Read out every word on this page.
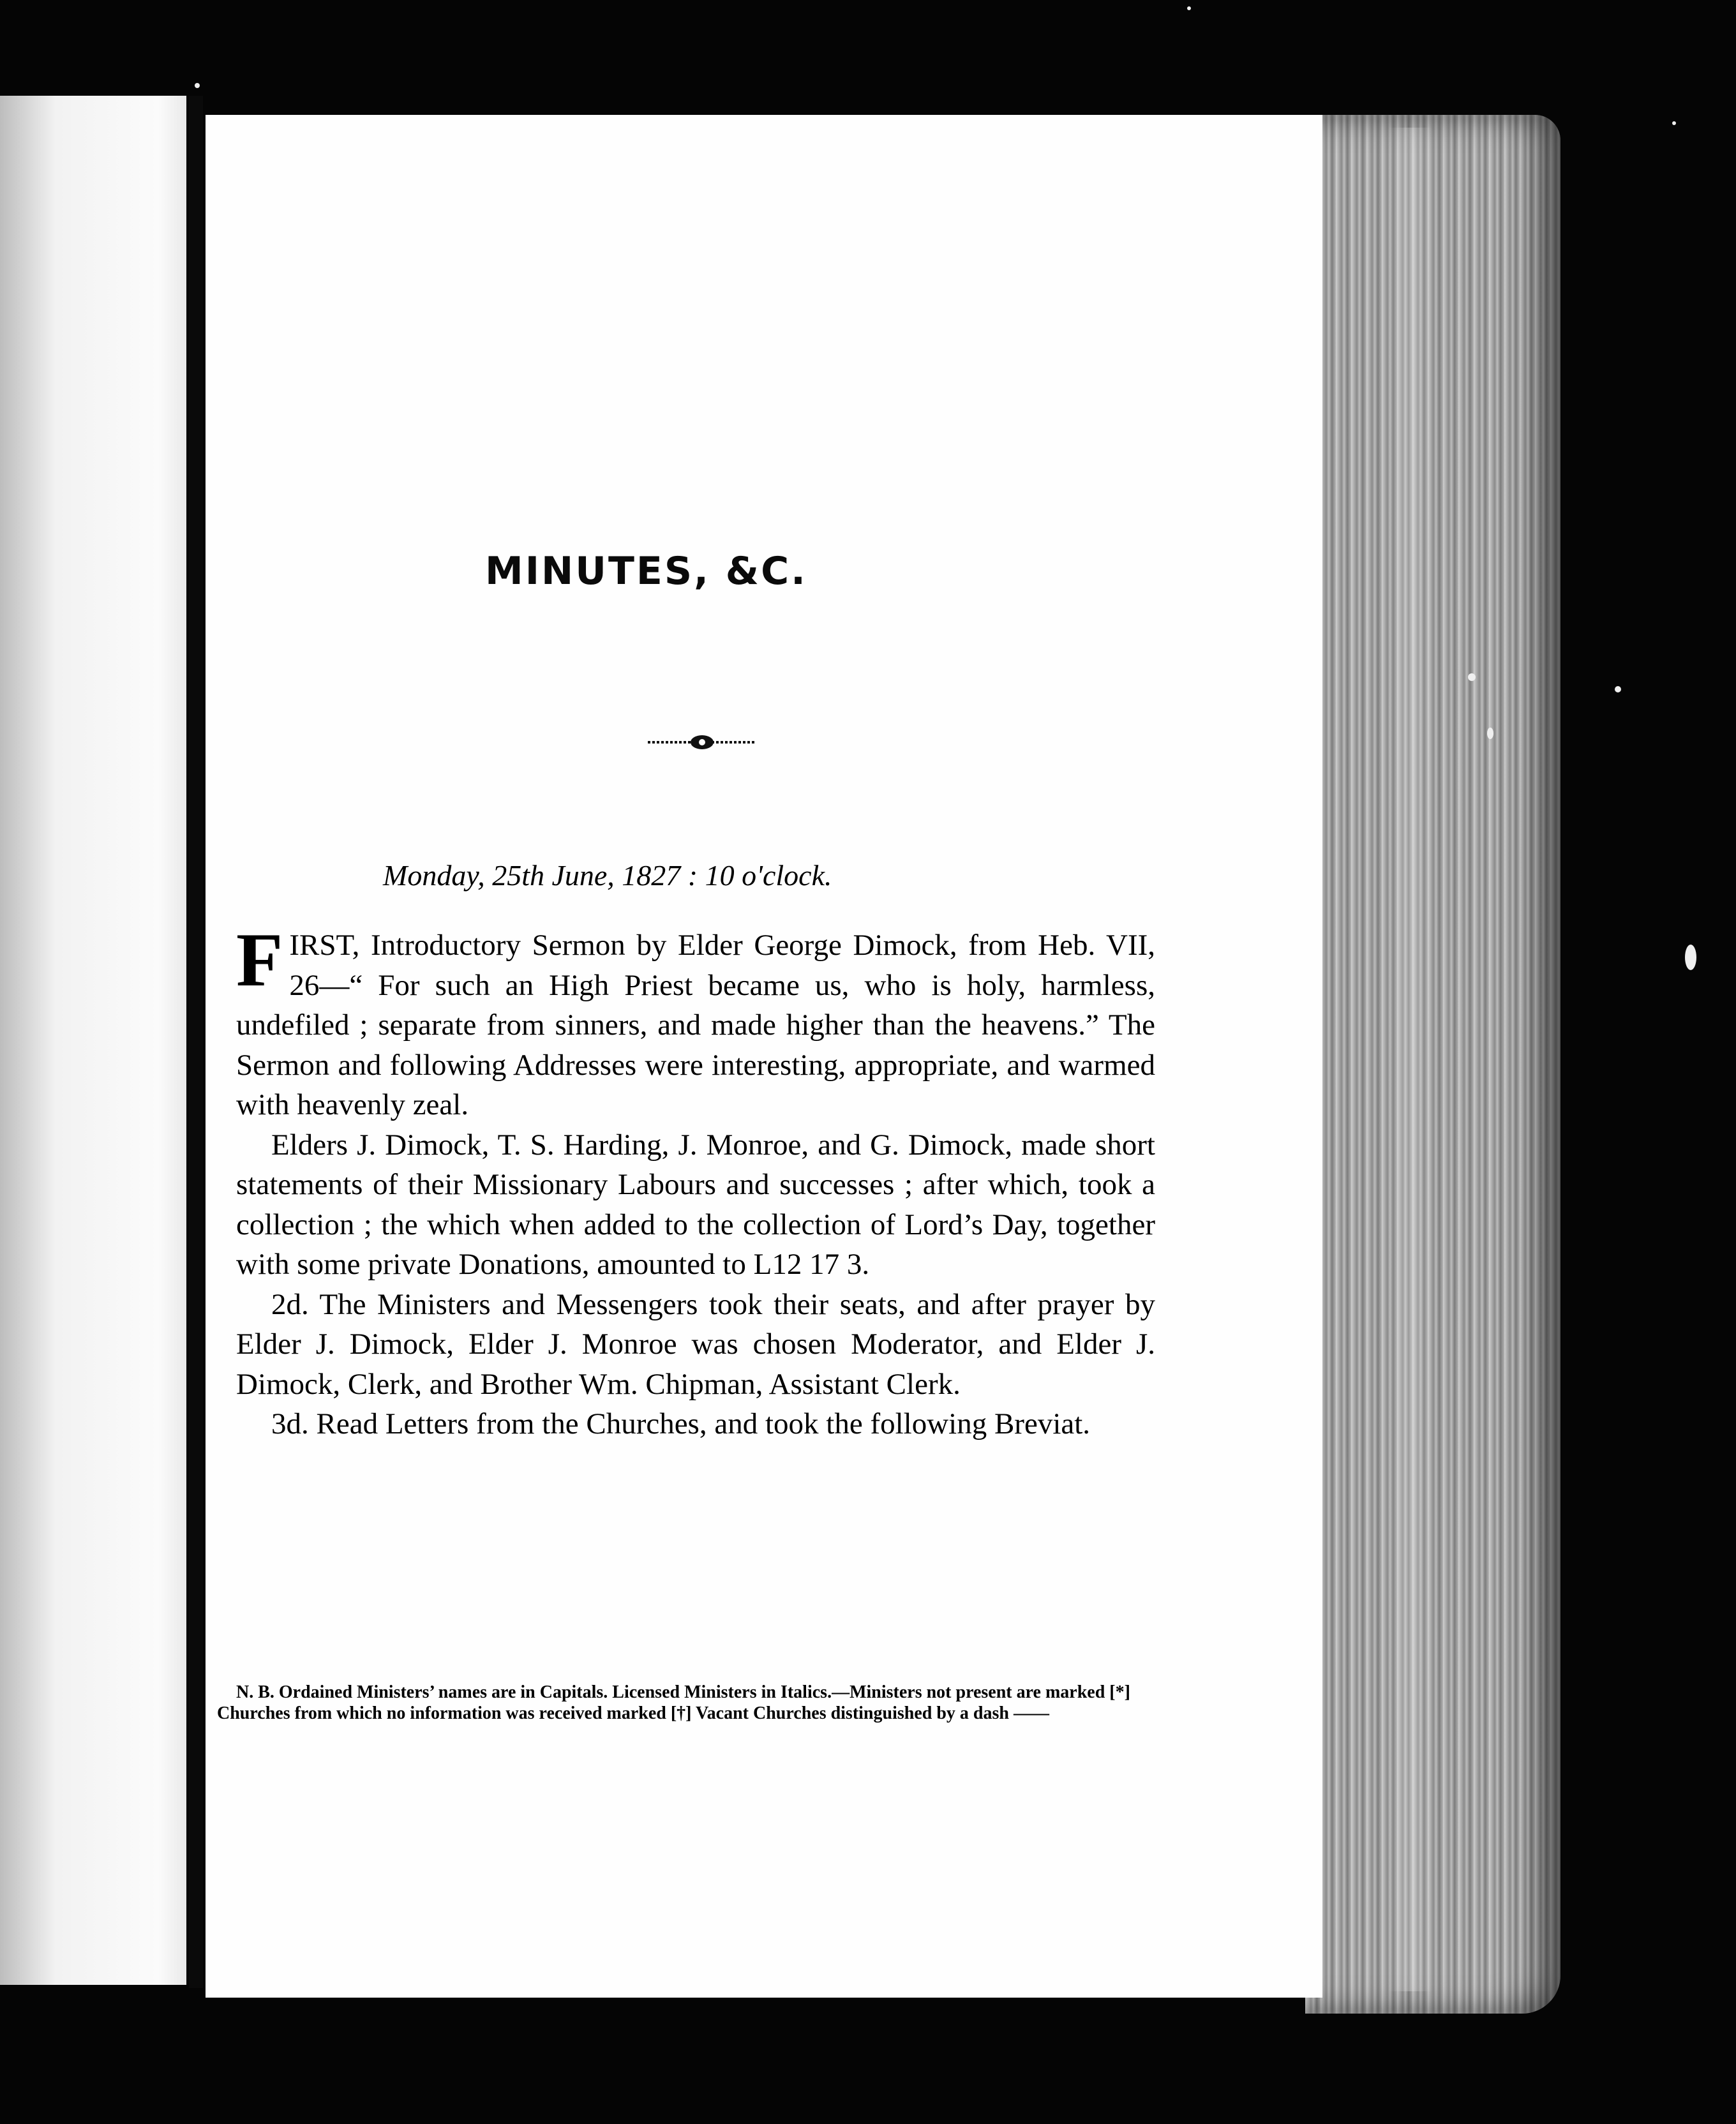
MINUTES, &C.
Monday, 25th June, 1827 : 10 o'clock.

FIRST, Introductory Sermon by Elder George Dimock, from Heb. VII, 26—“ For such an High Priest became us, who is holy, harmless, undefiled ; separate from sinners, and made higher than the heavens.” The Sermon and following Addresses were interesting, appropriate, and warmed with heavenly zeal.

Elders J. Dimock, T. S. Harding, J. Monroe, and G. Dimock, made short statements of their Missionary Labours and successes ; after which, took a collection ; the which when added to the collection of Lord’s Day, together with some private Donations, amounted to L12 17 3.

2d. The Ministers and Messengers took their seats, and after prayer by Elder J. Dimock, Elder J. Monroe was chosen Moderator, and Elder J. Dimock, Clerk, and Brother Wm. Chipman, Assistant Clerk.

3d. Read Letters from the Churches, and took the following Breviat.

N. B. Ordained Ministers’ names are in Capitals. Licensed Ministers in Italics.—Ministers not present are marked [*] Churches from which no information was received marked [†] Vacant Churches distinguished by a dash ——
